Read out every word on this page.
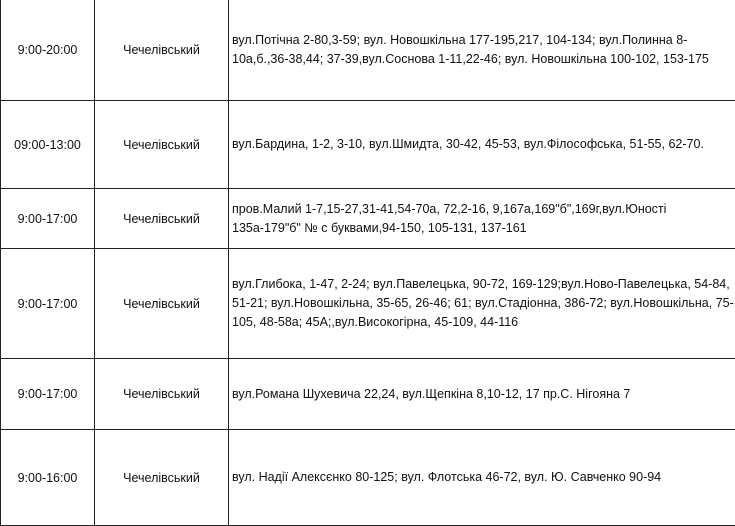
9:00-20:00	Чечелівський	вул.Потічна 2-80,3-59; вул. Новошкільна 177-195,217, 104-134; вул.Полинна 8-10а,б.,36-38,44; 37-39,вул.Соснова 1-11,22-46; вул. Новошкільна 100-102, 153-175
09:00-13:00	Чечелівський	вул.Бардина, 1-2, 3-10, вул.Шмидта, 30-42, 45-53, вул.Філософська, 51-55, 62-70.
9:00-17:00	Чечелівський	пров.Малий 1-7,15-27,31-41,54-70а, 72,2-16, 9,167а,169"б",169г,вул.Юності 135а-179"б" № с буквами,94-150, 105-131, 137-161
9:00-17:00	Чечелівський	вул.Глибока, 1-47, 2-24; вул.Павелецька, 90-72, 169-129;вул.Ново-Павелецька, 54-84, 51-21; вул.Новошкільна, 35-65, 26-46; 61; вул.Стадіонна, 386-72; вул.Новошкільна, 75-105, 48-58а; 45А;,вул.Високогірна, 45-109, 44-116
9:00-17:00	Чечелівський	вул.Романа Шухевича 22,24, вул.Щепкіна 8,10-12, 17 пр.С. Нігояна 7
9:00-16:00	Чечелівський	вул. Надії Алексєнко 80-125; вул. Флотська 46-72, вул. Ю. Савченко 90-94
